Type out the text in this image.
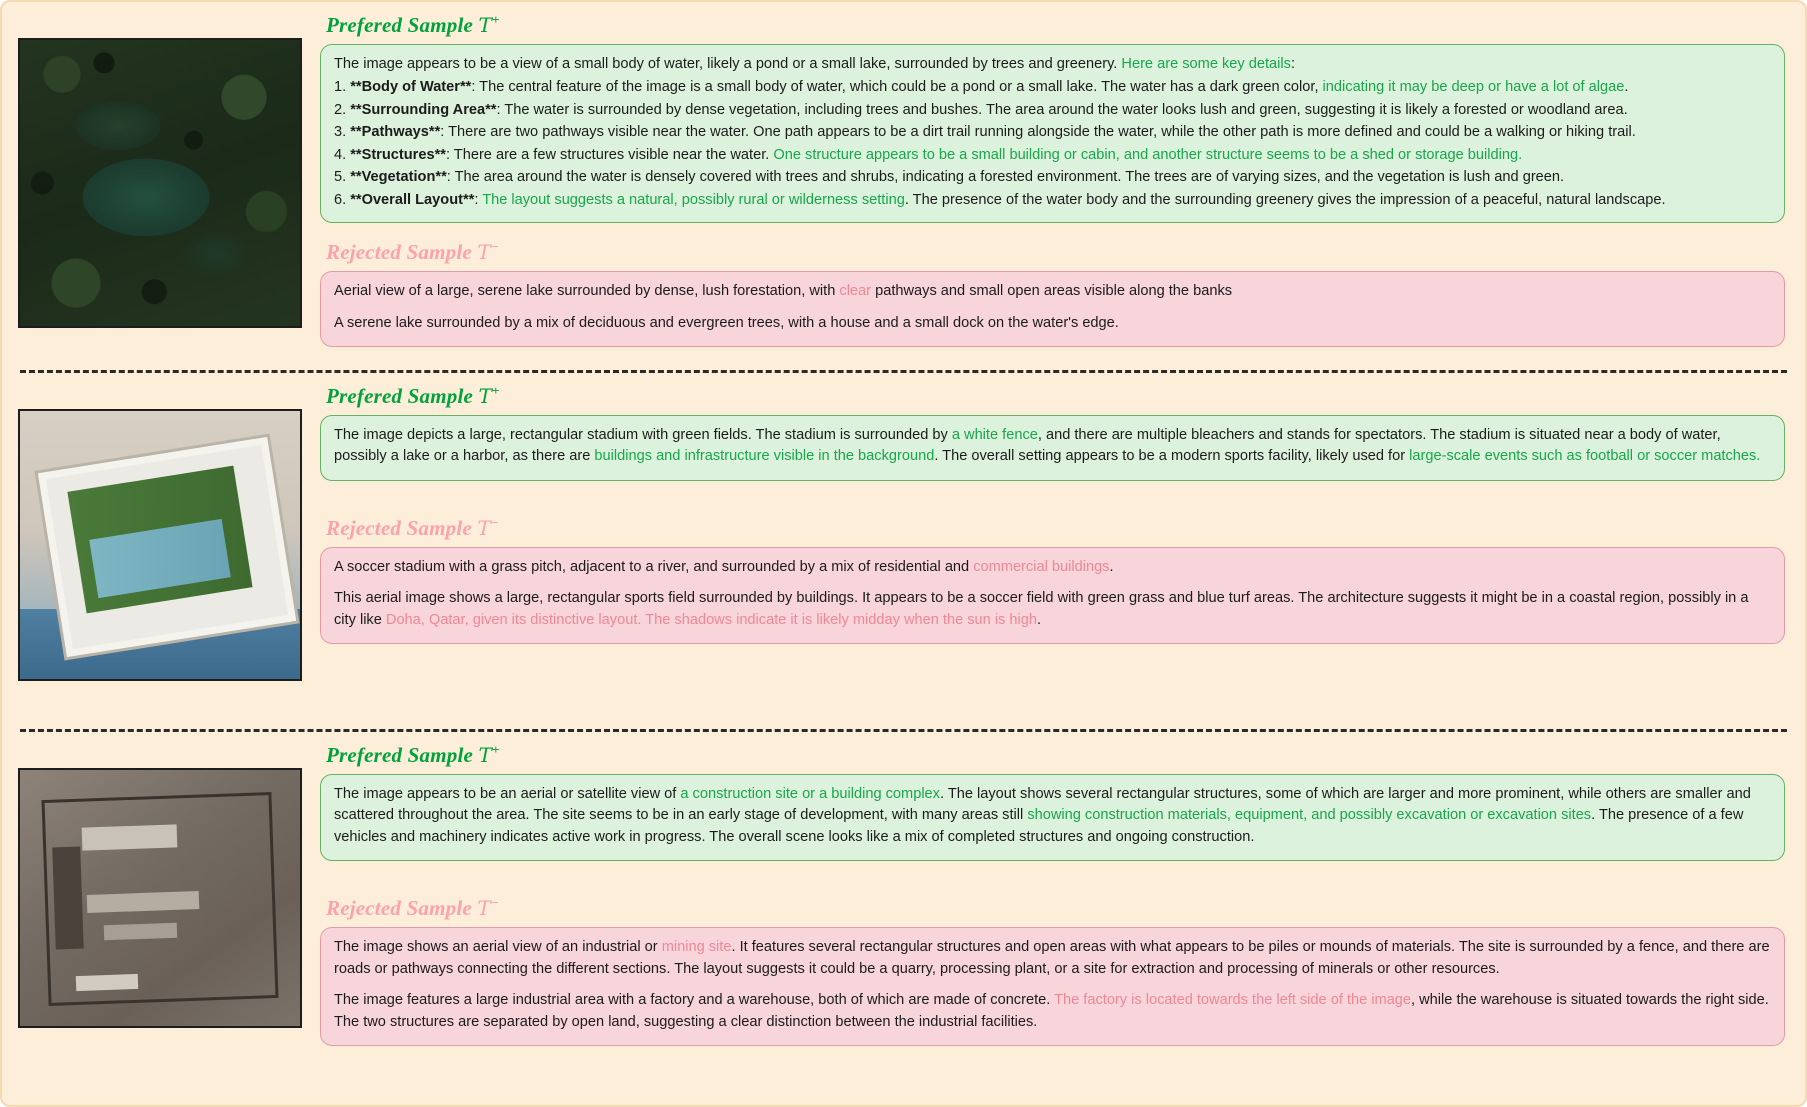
Prefered Sample T+

The image appears to be a view of a small body of water, likely a pond or a small lake, surrounded by trees and greenery. Here are some key details:

1. **Body of Water**: The central feature of the image is a small body of water, which could be a pond or a small lake. The water has a dark green color, indicating it may be deep or have a lot of algae.
2. **Surrounding Area**: The water is surrounded by dense vegetation, including trees and bushes. The area around the water looks lush and green, suggesting it is likely a forested or woodland area.
3. **Pathways**: There are two pathways visible near the water. One path appears to be a dirt trail running alongside the water, while the other path is more defined and could be a walking or hiking trail.
4. **Structures**: There are a few structures visible near the water. One structure appears to be a small building or cabin, and another structure seems to be a shed or storage building.
5. **Vegetation**: The area around the water is densely covered with trees and shrubs, indicating a forested environment. The trees are of varying sizes, and the vegetation is lush and green.
6. **Overall Layout**: The layout suggests a natural, possibly rural or wilderness setting. The presence of the water body and the surrounding greenery gives the impression of a peaceful, natural landscape.
Rejected Sample T−

Aerial view of a large, serene lake surrounded by dense, lush forestation, with clear pathways and small open areas visible along the banks

A serene lake surrounded by a mix of deciduous and evergreen trees, with a house and a small dock on the water's edge.

Prefered Sample T+

The image depicts a large, rectangular stadium with green fields. The stadium is surrounded by a white fence, and there are multiple bleachers and stands for spectators. The stadium is situated near a body of water, possibly a lake or a harbor, as there are buildings and infrastructure visible in the background. The overall setting appears to be a modern sports facility, likely used for large-scale events such as football or soccer matches.

Rejected Sample T−

A soccer stadium with a grass pitch, adjacent to a river, and surrounded by a mix of residential and commercial buildings.

This aerial image shows a large, rectangular sports field surrounded by buildings. It appears to be a soccer field with green grass and blue turf areas. The architecture suggests it might be in a coastal region, possibly in a city like Doha, Qatar, given its distinctive layout. The shadows indicate it is likely midday when the sun is high.

Prefered Sample T+

The image appears to be an aerial or satellite view of a construction site or a building complex. The layout shows several rectangular structures, some of which are larger and more prominent, while others are smaller and scattered throughout the area. The site seems to be in an early stage of development, with many areas still showing construction materials, equipment, and possibly excavation or excavation sites. The presence of a few vehicles and machinery indicates active work in progress. The overall scene looks like a mix of completed structures and ongoing construction.

Rejected Sample T−

The image shows an aerial view of an industrial or mining site. It features several rectangular structures and open areas with what appears to be piles or mounds of materials. The site is surrounded by a fence, and there are roads or pathways connecting the different sections. The layout suggests it could be a quarry, processing plant, or a site for extraction and processing of minerals or other resources.

The image features a large industrial area with a factory and a warehouse, both of which are made of concrete. The factory is located towards the left side of the image, while the warehouse is situated towards the right side. The two structures are separated by open land, suggesting a clear distinction between the industrial facilities.
